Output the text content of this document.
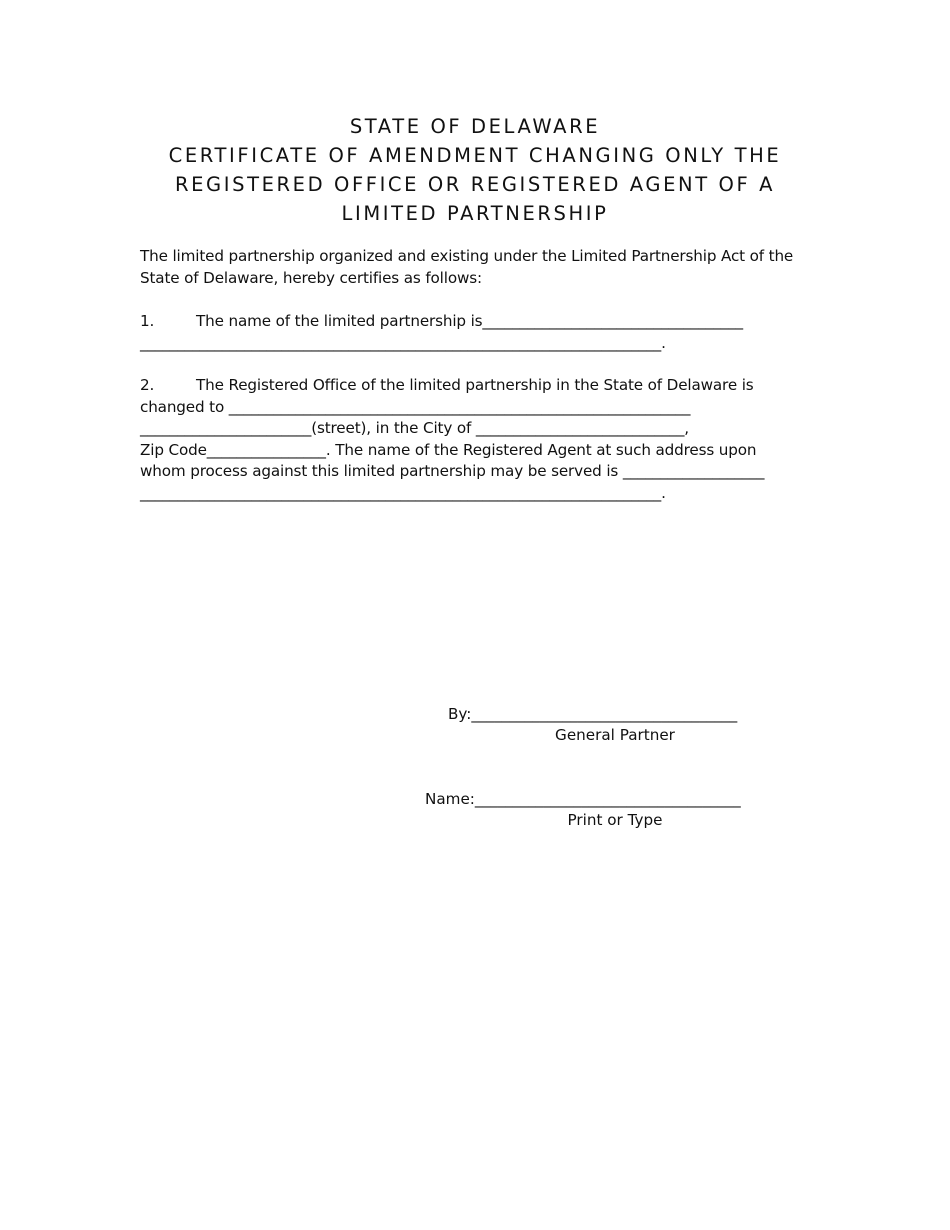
STATE OF DELAWARE
CERTIFICATE OF AMENDMENT CHANGING ONLY THE
REGISTERED OFFICE OR REGISTERED AGENT OF A
LIMITED PARTNERSHIP
The limited partnership organized and existing under the Limited Partnership Act of the
State of Delaware, hereby certifies as follows:
1.	The name of the limited partnership is___________________________________
______________________________________________________________________.
2.	The Registered Office of the limited partnership in the State of Delaware is
changed to ______________________________________________________________
_______________________(street), in the City of ____________________________,
Zip Code________________. The name of the Registered Agent at such address upon
whom process against this limited partnership may be served is ___________________
______________________________________________________________________.
By:___________________________________
General Partner
Name:___________________________________
Print or Type
